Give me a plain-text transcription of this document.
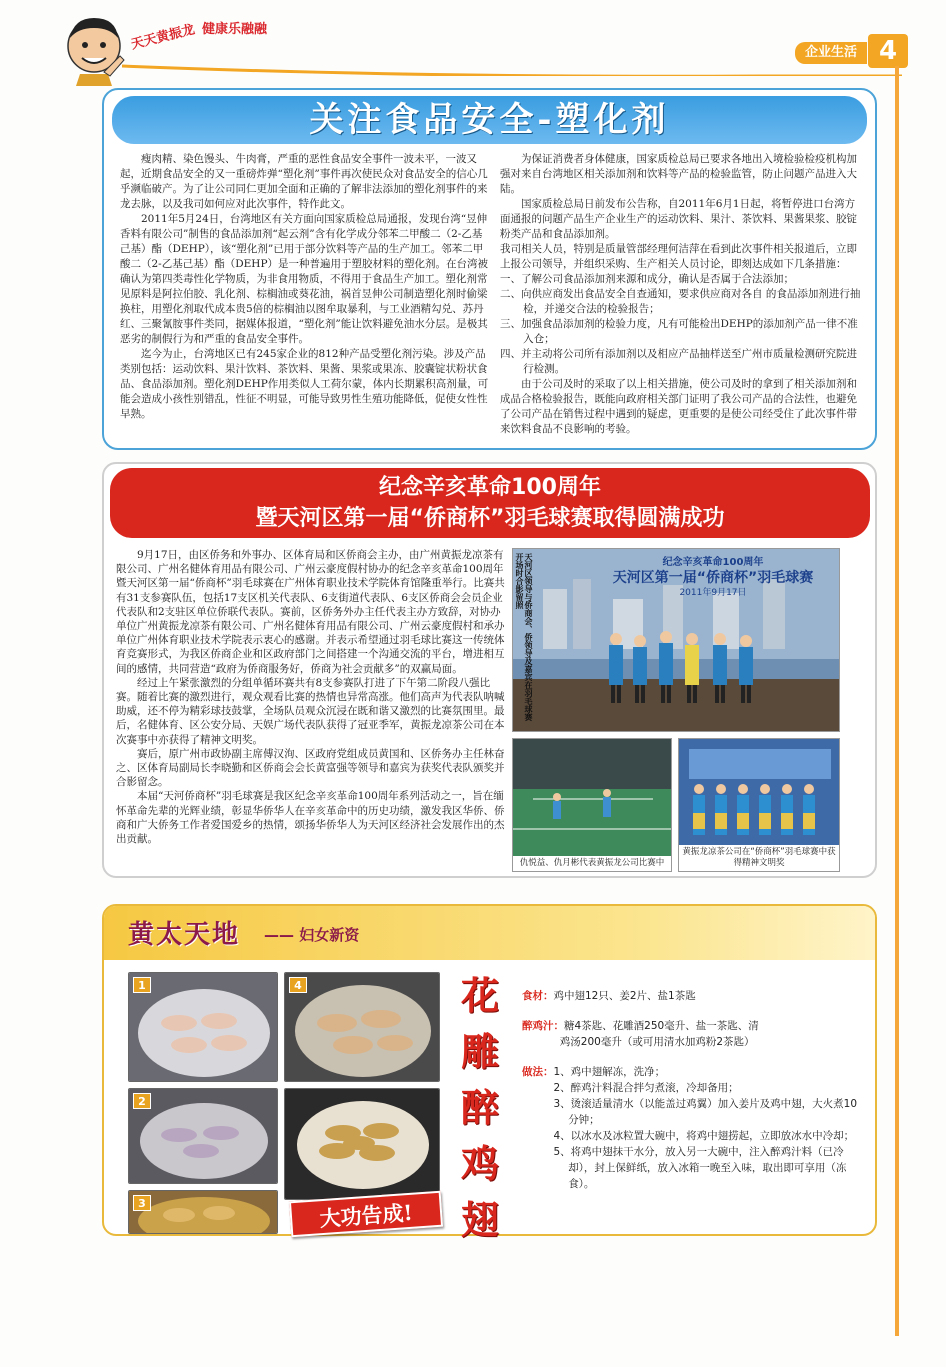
天天黄振龙 健康乐融融
企业生活 4
关注食品安全-塑化剂

瘦肉精、染色馒头、牛肉膏，严重的恶性食品安全事件一波未平，一波又起，近期食品安全的又一重磅炸弹“塑化剂”事件再次使民众对食品安全的信心几乎濒临破产。为了让公司同仁更加全面和正确的了解非法添加的塑化剂事件的来龙去脉，以及我司如何应对此次事件，特作此文。

2011年5月24日，台湾地区有关方面向国家质检总局通报，发现台湾“昱伸香料有限公司”制售的食品添加剂“起云剂”含有化学成分邻苯二甲酸二（2-乙基己基）酯（DEHP），该“塑化剂”已用于部分饮料等产品的生产加工。邻苯二甲酸二（2-乙基己基）酯（DEHP）是一种普遍用于塑胶材料的塑化剂。在台湾被确认为第四类毒性化学物质，为非食用物质，不得用于食品生产加工。塑化剂常见原料是阿拉伯胶、乳化剂、棕榈油或葵花油，祸首昱伸公司制造塑化剂时偷梁换柱，用塑化剂取代成本贵5倍的棕榈油以图牟取暴利，与工业酒精勾兑、苏丹红、三聚氰胺事件类同，据媒体报道，“塑化剂”能让饮料避免油水分层。是极其恶劣的制假行为和严重的食品安全事件。

迄今为止，台湾地区已有245家企业的812种产品受塑化剂污染。涉及产品类别包括：运动饮料、果汁饮料、茶饮料、果酱、果浆或果冻、胶囊锭状粉状食品、食品添加剂。塑化剂DEHP作用类似人工荷尔蒙，体内长期累积高剂量，可能会造成小孩性别错乱，性征不明显，可能导致男性生殖功能降低，促使女性性早熟。

为保证消费者身体健康，国家质检总局已要求各地出入境检验检疫机构加强对来自台湾地区相关添加剂和饮料等产品的检验监管，防止问题产品进入大陆。

国家质检总局日前发布公告称，自2011年6月1日起，将暂停进口台湾方面通报的问题产品生产企业生产的运动饮料、果汁、茶饮料、果酱果浆、胶锭粉类产品和食品添加剂。

我司相关人员，特别是质量管部经理何洁萍在看到此次事件相关报道后，立即上报公司领导，并组织采购、生产相关人员讨论，即刻达成如下几条措施：

一、了解公司食品添加剂来源和成分，确认是否属于合法添加；
二、向供应商发出食品安全自查通知，要求供应商对各自 的食品添加剂进行抽检，并递交合法的检验报告；
三、加强食品添加剂的检验力度，凡有可能检出DEHP的添加剂产品一律不准入仓；
四、并主动将公司所有添加剂以及相应产品抽样送至广州市质量检测研究院进行检测。

由于公司及时的采取了以上相关措施，使公司及时的拿到了相关添加剂和成品合格检验报告，既能向政府相关部门证明了我公司产品的合法性，也避免了公司产品在销售过程中遇到的疑虑，更重要的是使公司经受住了此次事件带来饮料食品不良影响的考验。

纪念辛亥革命100周年
暨天河区第一届“侨商杯”羽毛球赛取得圆满成功

9月17日，由区侨务和外事办、区体育局和区侨商会主办，由广州黄振龙凉茶有限公司、广州名健体育用品有限公司、广州云豪度假村协办的纪念辛亥革命100周年暨天河区第一届“侨商杯”羽毛球赛在广州体育职业技术学院体育馆隆重举行。比赛共有31支参赛队伍，包括17支区机关代表队、6支街道代表队、6支区侨商会会员企业代表队和2支驻区单位侨联代表队。赛前，区侨务外办主任代表主办方致辞，对协办单位广州黄振龙凉茶有限公司、广州名健体育用品有限公司、广州云豪度假村和承办单位广州体育职业技术学院表示衷心的感谢。并表示希望通过羽毛球比赛这一传统体育竞赛形式，为我区侨商企业和区政府部门之间搭建一个沟通交流的平台，增进相互间的感情，共同营造“政府为侨商服务好，侨商为社会贡献多”的双赢局面。

经过上午紧张激烈的分组单循环赛共有8支参赛队打进了下午第二阶段八强比赛。随着比赛的激烈进行，观众观看比赛的热情也异常高涨。他们高声为代表队呐喊助威，还不停为精彩球技鼓掌，全场队员观众沉浸在既和谐又激烈的比赛氛围里。最后，名健体育、区公安分局、天娱广场代表队获得了冠亚季军，黄振龙凉茶公司在本次赛事中亦获得了精神文明奖。

赛后，原广州市政协副主席傅汉洵、区政府党组成员黄国和、区侨务办主任林奋之、区体育局副局长李晓勤和区侨商会会长黄富强等领导和嘉宾为获奖代表队颁奖并合影留念。

本届“天河侨商杯”羽毛球赛是我区纪念辛亥革命100周年系列活动之一，旨在缅怀革命先辈的光辉业绩，彰显华侨华人在辛亥革命中的历史功绩，激发我区华侨、侨商和广大侨务工作者爱国爱乡的热情，颂扬华侨华人为天河区经济社会发展作出的杰出贡献。

纪念辛亥革命100周年
天河区第一届“侨商杯”羽毛球赛
2011年9月17日
天河区领导与侨商会、侨领导及嘉宾在羽毛球赛开场时合影留照
仇悦益、仇月彬代表黄振龙公司比赛中
黄振龙凉茶公司在“侨商杯”羽毛球赛中获得精神文明奖
黄太天地
——	妇女新资
1
2
3
4
大功告成!
花
雕
醉
鸡
翅
食材：鸡中翅12只、姜2片、盐1茶匙
醉鸡汁：糖4茶匙、花雕酒250毫升、盐一茶匙、清
鸡汤200毫升（或可用清水加鸡粉2茶匙）
做法： 1、鸡中翅解冻，洗净；
2、醉鸡汁料混合拌匀煮滚，冷却备用；
3、烫滚适量清水（以能盖过鸡翼）加入姜片及鸡中翅，大火煮10分钟；
4、以冰水及冰粒置大碗中，将鸡中翅捞起，立即放冰水中冷却；
5、将鸡中翅抹干水分，放入另一大碗中，注入醉鸡汁料（已冷却），封上保鲜纸，放入冰箱一晚至入味，取出即可享用（冻食）。
